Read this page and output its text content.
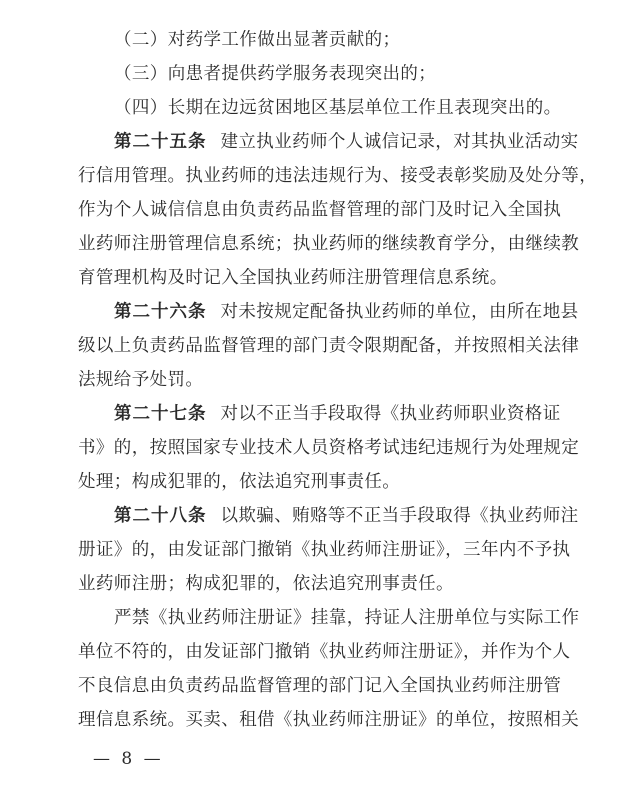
（二）对药学工作做出显著贡献的；
（三）向患者提供药学服务表现突出的；
（四）长期在边远贫困地区基层单位工作且表现突出的。
第二十五条 建立执业药师个人诚信记录，对其执业活动实
行信用管理。执业药师的违法违规行为、接受表彰奖励及处分等，
作为个人诚信信息由负责药品监督管理的部门及时记入全国执
业药师注册管理信息系统；执业药师的继续教育学分，由继续教
育管理机构及时记入全国执业药师注册管理信息系统。
第二十六条 对未按规定配备执业药师的单位，由所在地县
级以上负责药品监督管理的部门责令限期配备，并按照相关法律
法规给予处罚。
第二十七条 对以不正当手段取得《执业药师职业资格证
书》的，按照国家专业技术人员资格考试违纪违规行为处理规定
处理；构成犯罪的，依法追究刑事责任。
第二十八条 以欺骗、贿赂等不正当手段取得《执业药师注
册证》的，由发证部门撤销《执业药师注册证》，三年内不予执
业药师注册；构成犯罪的，依法追究刑事责任。
严禁《执业药师注册证》挂靠，持证人注册单位与实际工作
单位不符的，由发证部门撤销《执业药师注册证》，并作为个人
不良信息由负责药品监督管理的部门记入全国执业药师注册管
理信息系统。买卖、租借《执业药师注册证》的单位，按照相关
— 8 —
